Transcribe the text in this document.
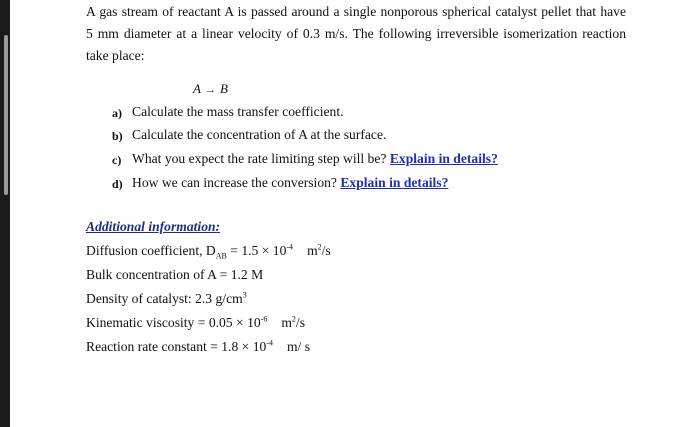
A gas stream of reactant A is passed around a single nonporous spherical catalyst pellet that have
5 mm diameter at a linear velocity of 0.3 m/s. The following irreversible isomerization reaction
take place:
A → B
a) Calculate the mass transfer coefficient.
b) Calculate the concentration of A at the surface.
c) What you expect the rate limiting step will be? Explain in details?
d) How we can increase the conversion? Explain in details?
Additional information:
Diffusion coefficient, $D_{AB} = 1.5 \times 10^{-4}$ $m^2/s$
Bulk concentration of A = 1.2 M
Density of catalyst: 2.3 $g/cm^3$
Kinematic viscosity = $0.05 \times 10^{-6}$ $m^2/s$
Reaction rate constant = $1.8 \times 10^{-4}$ m/ s
